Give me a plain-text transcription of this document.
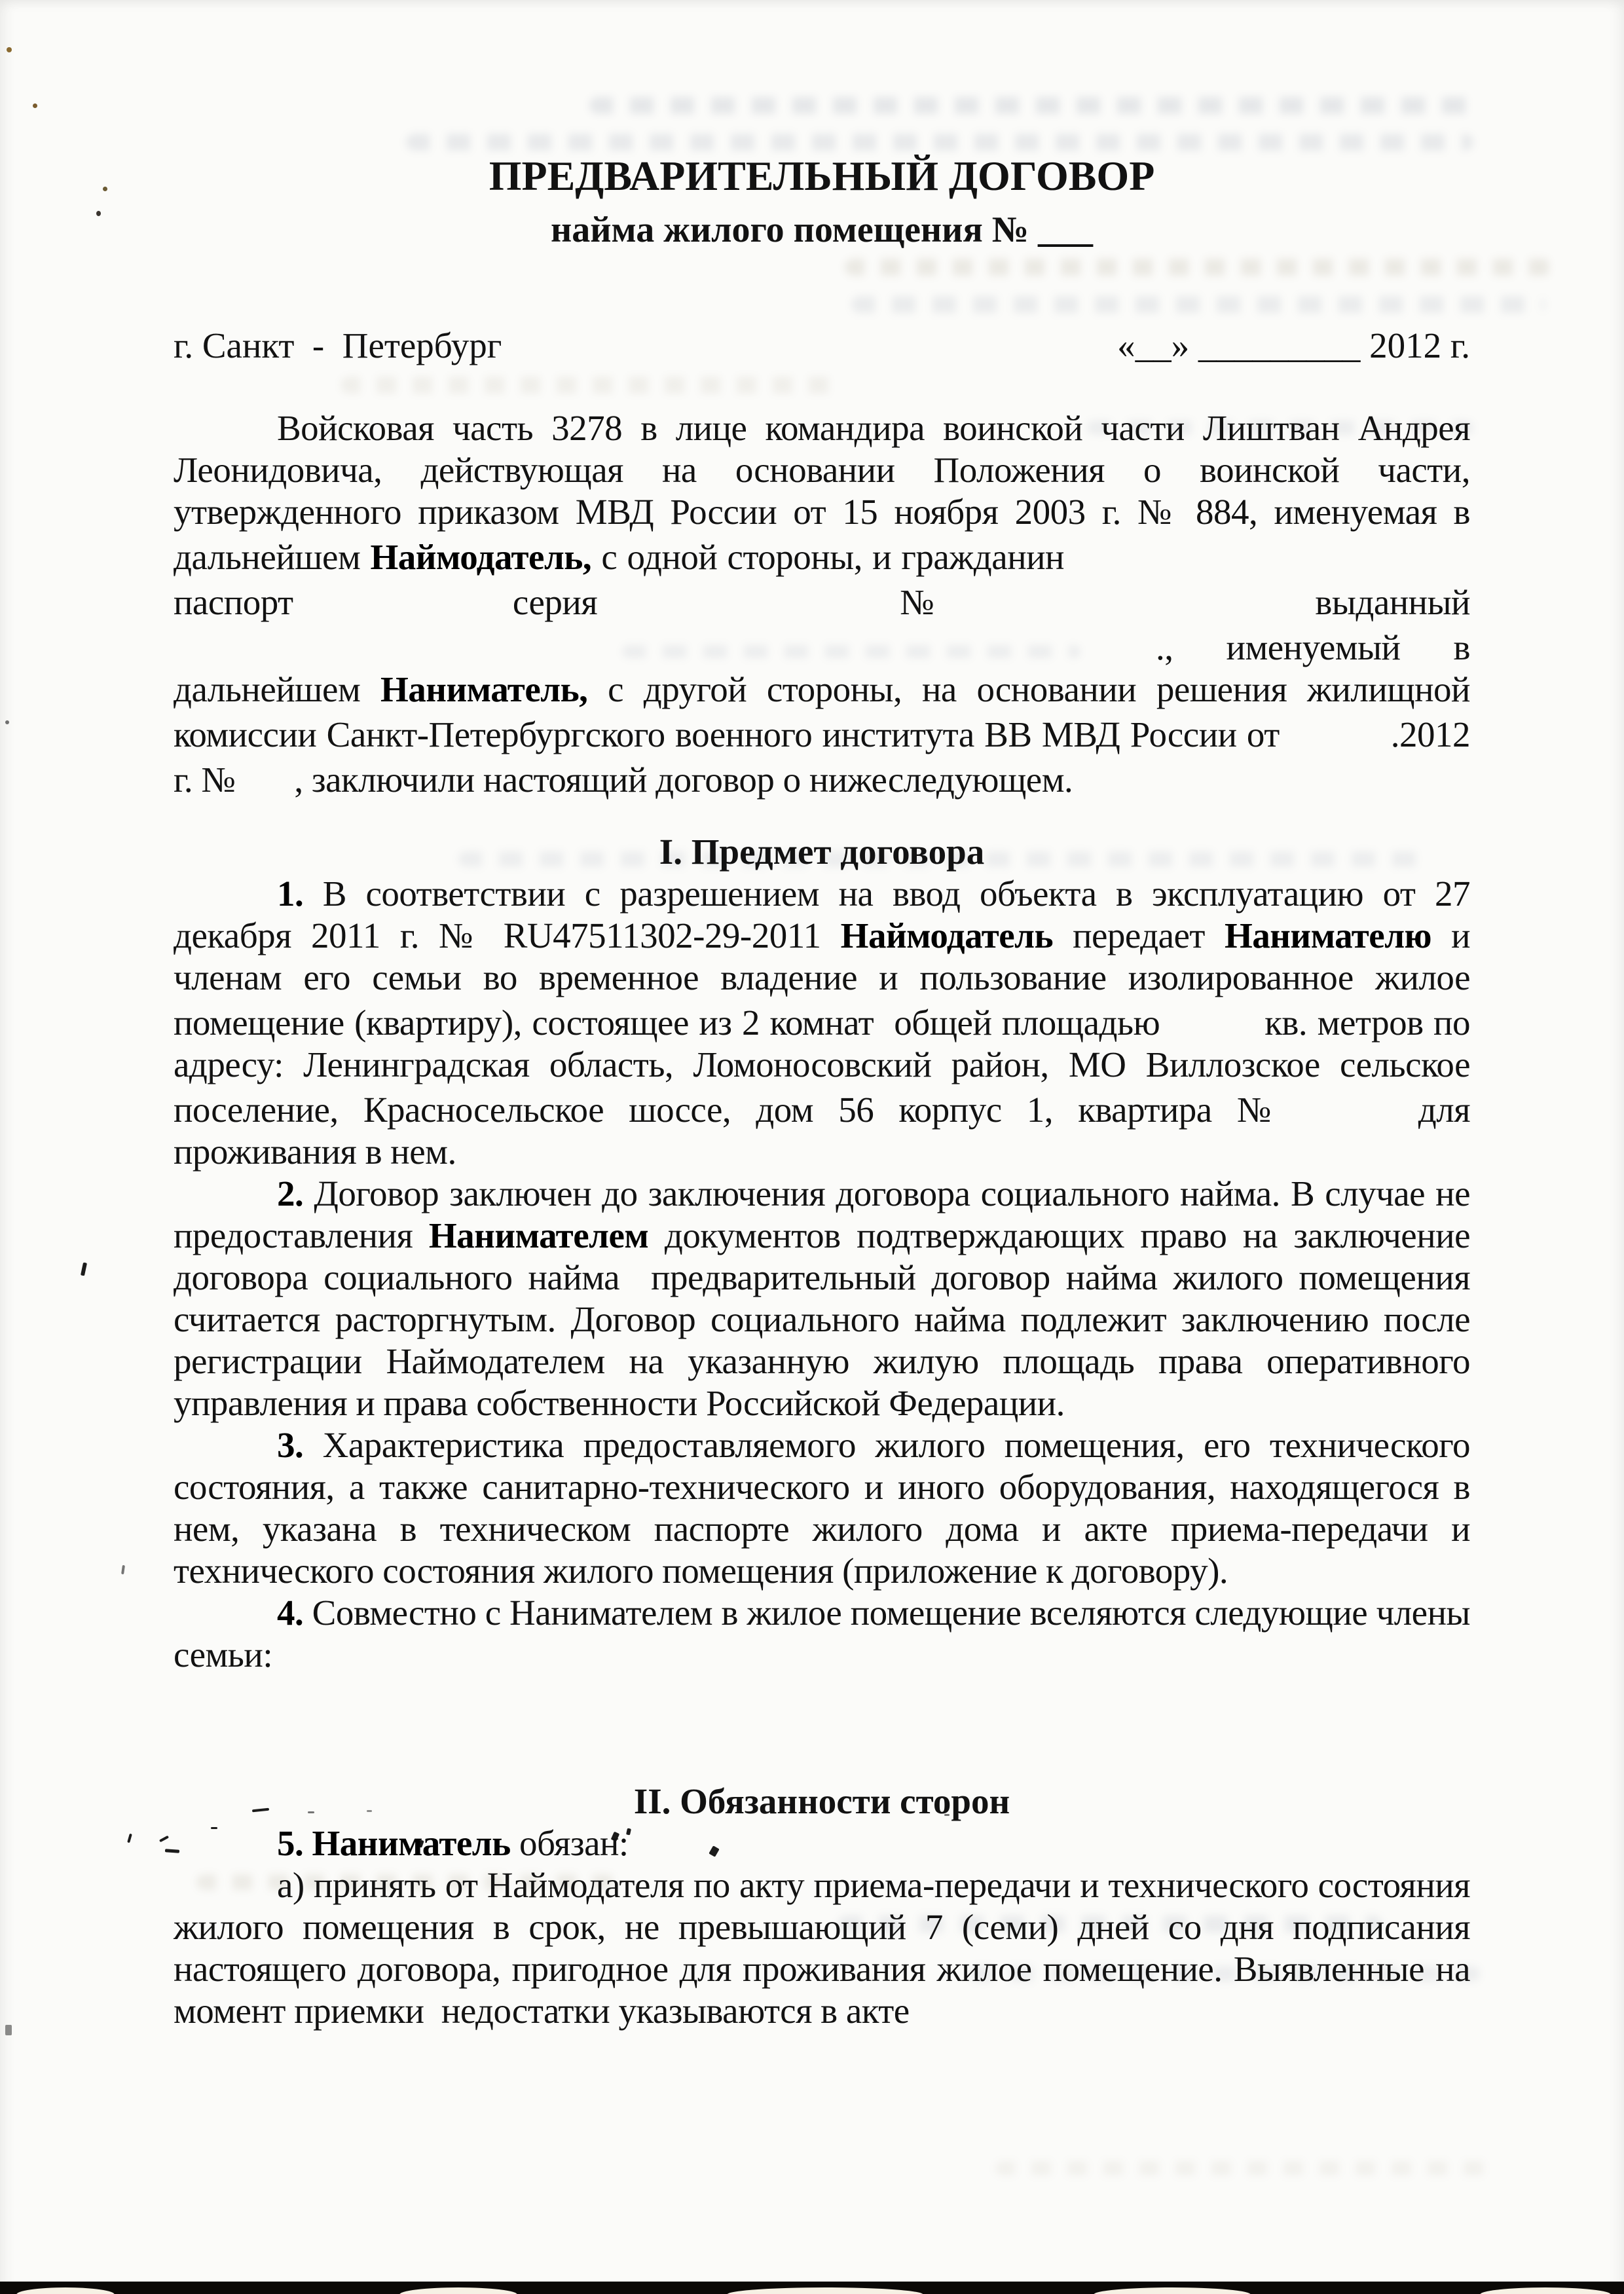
ПРЕДВАРИТЕЛЬНЫЙ ДОГОВОР
найма жилого помещения № ___
г. Санкт  -  Петербург	«__» _________ 2012 г.

Войсковая часть 3278 в лице командира воинской части Лиштван Андрея Леонидовича, действующая на основании Положения о воинской части, утвержденного приказом МВД России от 15 ноября 2003 г. № 884, именуемая в дальнейшем Наймодатель, с одной стороны, и гражданинпаспорт серия	№	выданный., именуемый в дальнейшем Наниматель, с другой стороны, на основании решения жилищной комиссии Санкт-Петербургского военного института ВВ МВД России от	.2012 г. № , заключили настоящий договор о нижеследующем.

I. Предмет договора

1. В соответствии с разрешением на ввод объекта в эксплуатацию от 27 декабря 2011 г. № RU47511302-29-2011 Наймодатель передает Нанимателю и членам его семьи во временное владение и пользование изолированное жилое помещение (квартиру), состоящее из 2 комнат  общей площадью	кв. метров по адресу: Ленинградская область, Ломоносовский район, МО Виллозское сельское поселение, Красносельское шоссе, дом 56 корпус 1, квартира №	для проживания в нем.

2. Договор заключен до заключения договора социального найма. В случае не предоставления Нанимателем документов подтверждающих право на заключение договора социального найма  предварительный договор найма жилого помещения считается расторгнутым. Договор социального найма подлежит заключению после регистрации Наймодателем на указанную жилую площадь права оперативного управления и права собственности Российской Федерации.

3. Характеристика предоставляемого жилого помещения, его технического состояния, а также санитарно-технического и иного оборудования, находящегося в нем, указана в техническом паспорте жилого дома и акте приема-передачи и технического состояния жилого помещения (приложение к договору).

4. Совместно с Нанимателем в жилое помещение вселяются следующие члены семьи:

II. Обязанности сторон

5. Наниматель обязан:

а) принять от Наймодателя по акту приема-передачи и технического состояния жилого помещения в срок, не превышающий 7 (семи) дней со дня подписания настоящего договора, пригодное для проживания жилое помещение. Выявленные на момент приемки  недостатки указываются в акте
